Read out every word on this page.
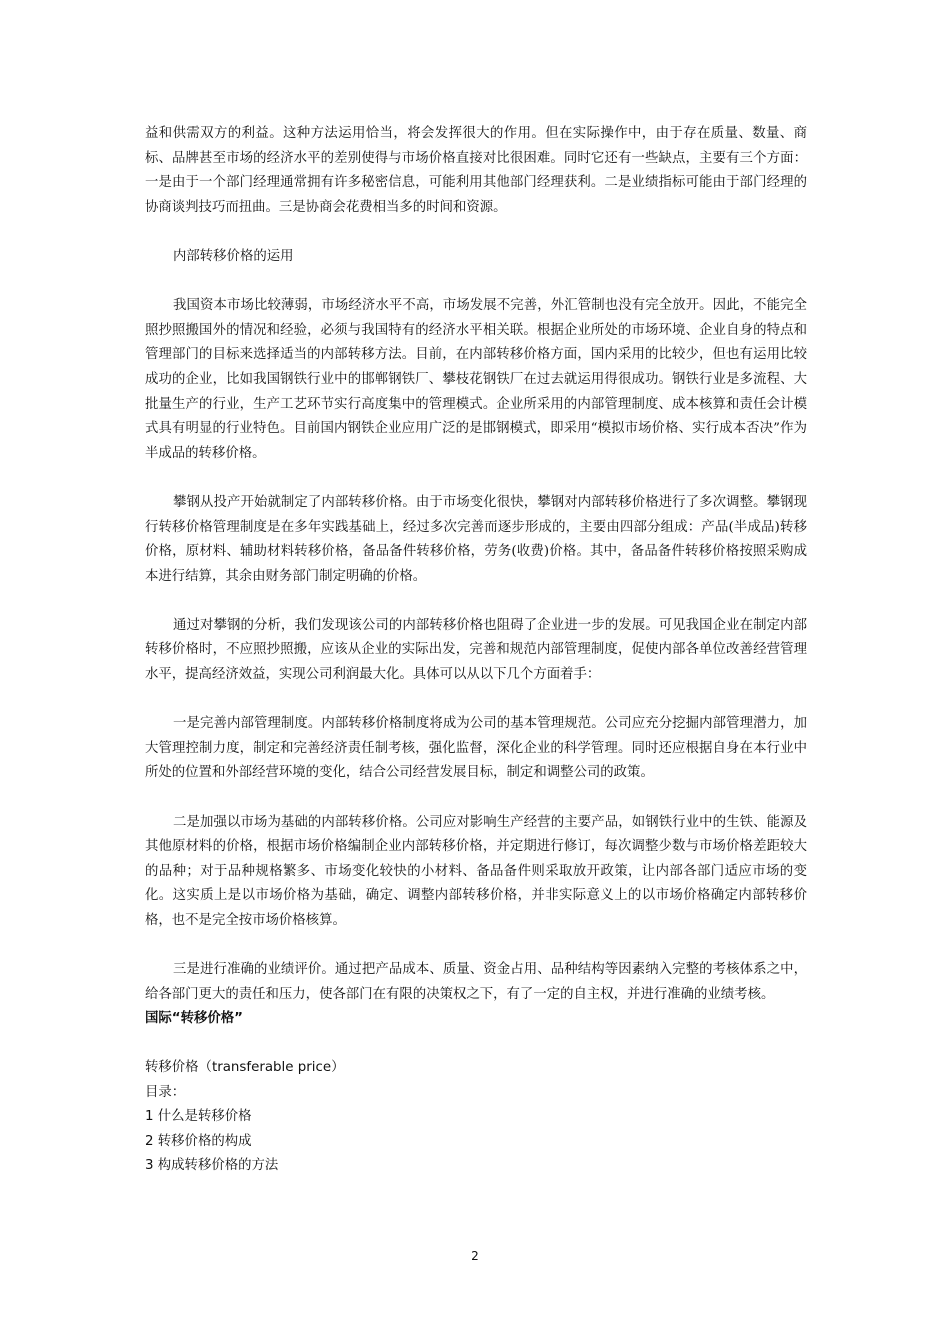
益和供需双方的利益。这种方法运用恰当，将会发挥很大的作用。但在实际操作中，由于存在质量、数量、商标、品牌甚至市场的经济水平的差别使得与市场价格直接对比很困难。同时它还有一些缺点，主要有三个方面：一是由于一个部门经理通常拥有许多秘密信息，可能利用其他部门经理获利。二是业绩指标可能由于部门经理的协商谈判技巧而扭曲。三是协商会花费相当多的时间和资源。

内部转移价格的运用

我国资本市场比较薄弱，市场经济水平不高，市场发展不完善，外汇管制也没有完全放开。因此，不能完全照抄照搬国外的情况和经验，必须与我国特有的经济水平相关联。根据企业所处的市场环境、企业自身的特点和管理部门的目标来选择适当的内部转移方法。目前，在内部转移价格方面，国内采用的比较少，但也有运用比较成功的企业，比如我国钢铁行业中的邯郸钢铁厂、攀枝花钢铁厂在过去就运用得很成功。钢铁行业是多流程、大批量生产的行业，生产工艺环节实行高度集中的管理模式。企业所采用的内部管理制度、成本核算和责任会计模式具有明显的行业特色。目前国内钢铁企业应用广泛的是邯钢模式，即采用“模拟市场价格、实行成本否决”作为半成品的转移价格。

攀钢从投产开始就制定了内部转移价格。由于市场变化很快，攀钢对内部转移价格进行了多次调整。攀钢现行转移价格管理制度是在多年实践基础上，经过多次完善而逐步形成的，主要由四部分组成：产品(半成品)转移价格，原材料、辅助材料转移价格，备品备件转移价格，劳务(收费)价格。其中，备品备件转移价格按照采购成本进行结算，其余由财务部门制定明确的价格。

通过对攀钢的分析，我们发现该公司的内部转移价格也阻碍了企业进一步的发展。可见我国企业在制定内部转移价格时，不应照抄照搬，应该从企业的实际出发，完善和规范内部管理制度，促使内部各单位改善经营管理水平，提高经济效益，实现公司利润最大化。具体可以从以下几个方面着手：

一是完善内部管理制度。内部转移价格制度将成为公司的基本管理规范。公司应充分挖掘内部管理潜力，加大管理控制力度，制定和完善经济责任制考核，强化监督，深化企业的科学管理。同时还应根据自身在本行业中所处的位置和外部经营环境的变化，结合公司经营发展目标，制定和调整公司的政策。

二是加强以市场为基础的内部转移价格。公司应对影响生产经营的主要产品，如钢铁行业中的生铁、能源及其他原材料的价格，根据市场价格编制企业内部转移价格，并定期进行修订，每次调整少数与市场价格差距较大的品种；对于品种规格繁多、市场变化较快的小材料、备品备件则采取放开政策，让内部各部门适应市场的变化。这实质上是以市场价格为基础，确定、调整内部转移价格，并非实际意义上的以市场价格确定内部转移价格，也不是完全按市场价格核算。

三是进行准确的业绩评价。通过把产品成本、质量、资金占用、品种结构等因素纳入完整的考核体系之中，给各部门更大的责任和压力，使各部门在有限的决策权之下，有了一定的自主权，并进行准确的业绩考核。

国际“转移价格”

转移价格（transferable price）

目录：

1 什么是转移价格

2 转移价格的构成

3 构成转移价格的方法

2
